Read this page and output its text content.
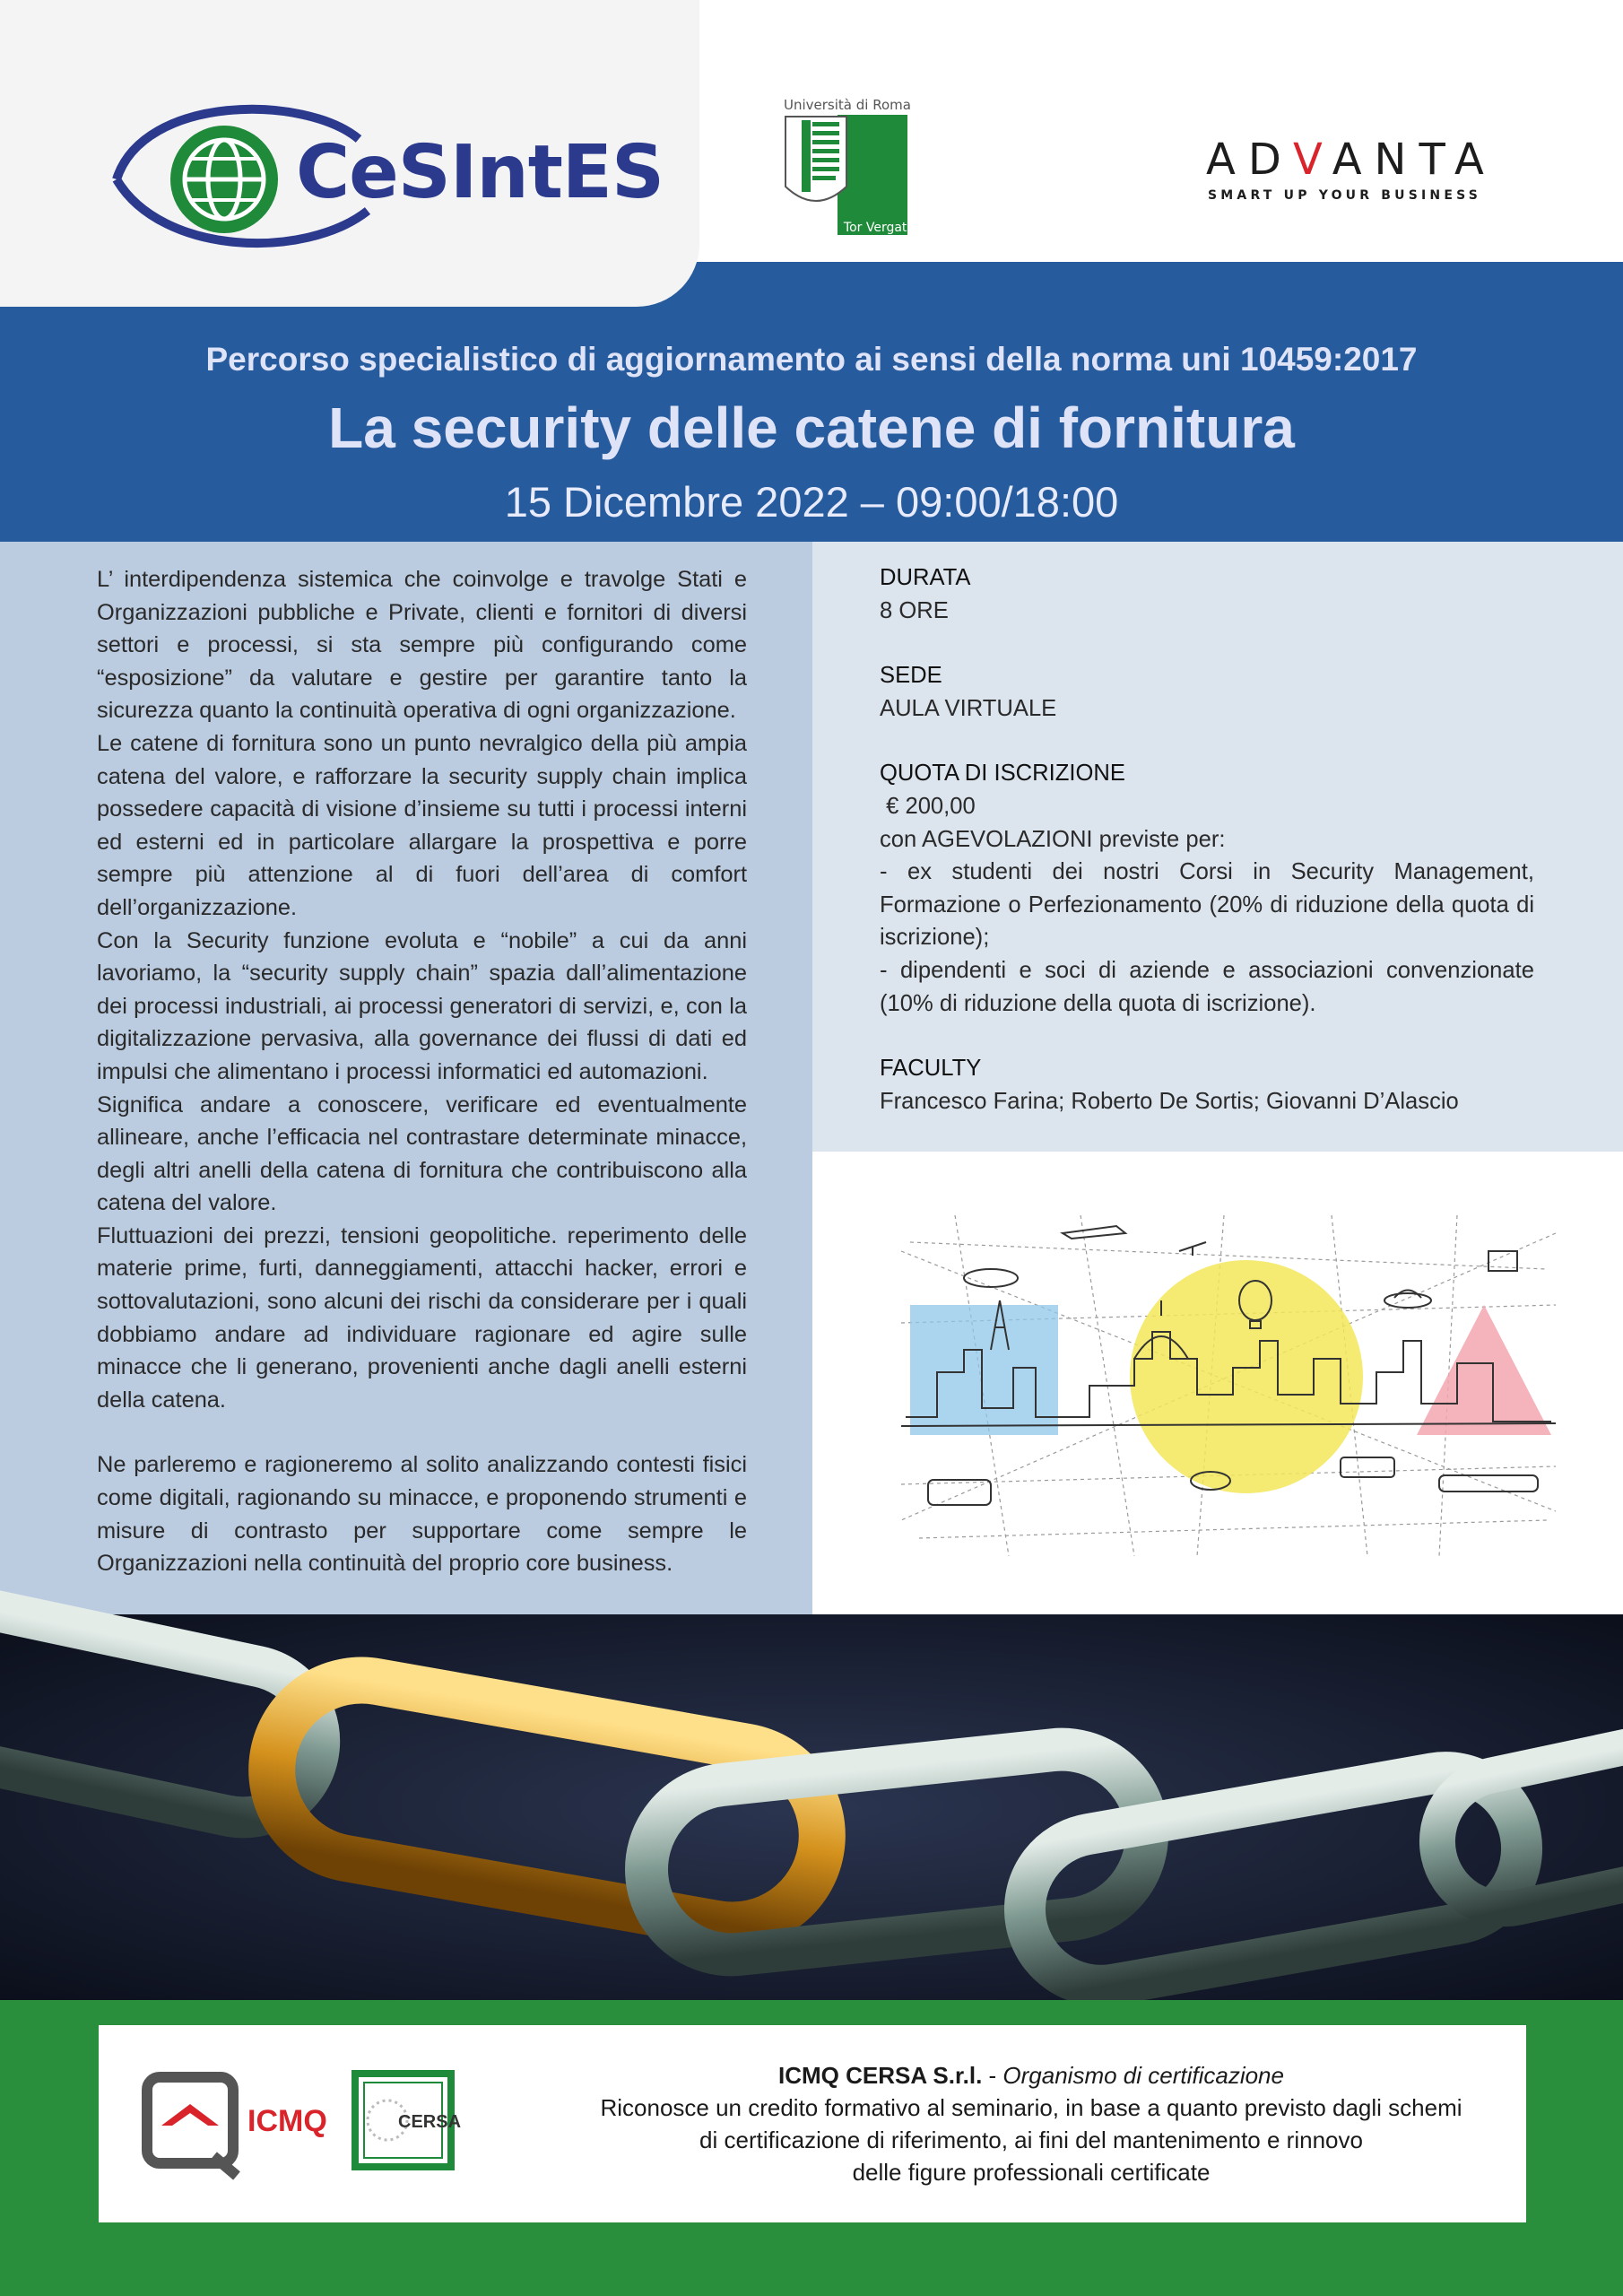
CeSIntES
Università di Roma
Tor Vergata
ADVANTA
SMART UP YOUR BUSINESS
Percorso specialistico di aggiornamento ai sensi della norma uni 10459:2017
La security delle catene di fornitura
15 Dicembre 2022 – 09:00/18:00

L’ interdipendenza sistemica che coinvolge e travolge Stati e Organizzazioni pubbliche e Private, clienti e fornitori di diversi settori e processi, si sta sempre più configurando come “esposizione” da valutare e gestire per garantire tanto la sicurezza quanto la continuità operativa di ogni organizzazione.

Le catene di fornitura sono un punto nevralgico della più ampia catena del valore, e rafforzare la security supply chain implica possedere capacità di visione d’insieme su tutti i processi interni ed esterni ed in particolare allargare la prospettiva e porre sempre più attenzione al di fuori dell’area di comfort dell’organizzazione.

Con la Security funzione evoluta e “nobile” a cui da anni lavoriamo, la “security supply chain” spazia dall’alimentazione dei processi industriali, ai processi generatori di servizi, e, con la digitalizzazione pervasiva, alla governance dei flussi di dati ed impulsi che alimentano i processi informatici ed automazioni.

Significa andare a conoscere, verificare ed eventualmente allineare, anche l’efficacia nel contrastare determinate minacce, degli altri anelli della catena di fornitura che contribuiscono alla catena del valore.

Fluttuazioni dei prezzi, tensioni geopolitiche. reperimento delle materie prime, furti, danneggiamenti, attacchi hacker, errori e sottovalutazioni, sono alcuni dei rischi da considerare per i quali dobbiamo andare ad individuare ragionare ed agire sulle minacce che li generano, provenienti anche dagli anelli esterni della catena.

Ne parleremo e ragioneremo al solito analizzando contesti fisici come digitali, ragionando su minacce, e proponendo strumenti e misure di contrasto per supportare come sempre le Organizzazioni nella continuità del proprio core business.

DURATA
8 ORE
SEDE
AULA VIRTUALE
QUOTA DI ISCRIZIONE
€ 200,00
con AGEVOLAZIONI previste per:
- ex studenti dei nostri Corsi in Security Management, Formazione o Perfezionamento (20% di riduzione della quota di iscrizione);
- dipendenti e soci di aziende e associazioni convenzionate (10% di riduzione della quota di iscrizione).
FACULTY
Francesco Farina; Roberto De Sortis; Giovanni D’Alascio
ICMQ	CERSA
ICMQ CERSA S.r.l. - Organismo di certificazione
Riconosce un credito formativo al seminario, in base a quanto previsto dagli schemi
di certificazione di riferimento, ai fini del mantenimento e rinnovo
delle figure professionali certificate
